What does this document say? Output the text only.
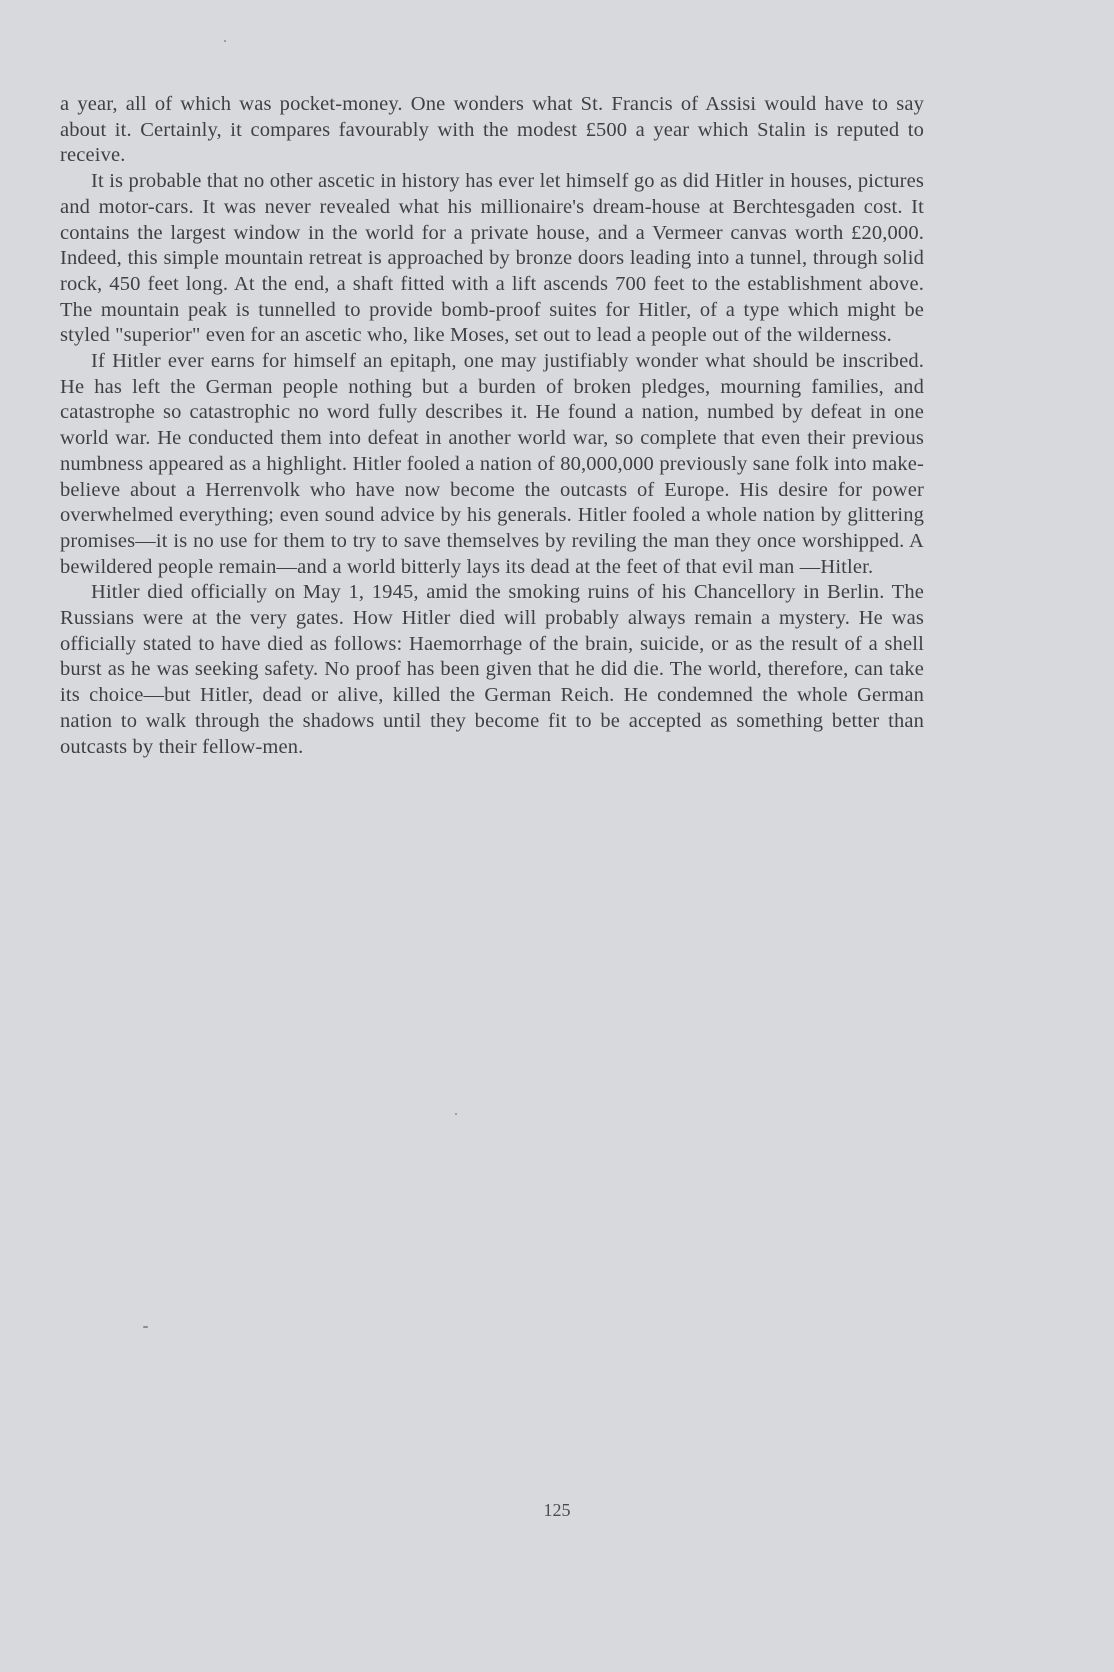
a year, all of which was pocket-money. One wonders what St. Francis of Assisi would have to say about it. Certainly, it compares favourably with the modest £500 a year which Stalin is reputed to receive.

It is probable that no other ascetic in history has ever let himself go as did Hitler in houses, pictures and motor-cars. It was never revealed what his millionaire's dream-house at Berchtesgaden cost. It contains the largest window in the world for a private house, and a Vermeer canvas worth £20,000. Indeed, this simple mountain retreat is approached by bronze doors leading into a tunnel, through solid rock, 450 feet long. At the end, a shaft fitted with a lift ascends 700 feet to the establishment above. The mountain peak is tunnelled to provide bomb-proof suites for Hitler, of a type which might be styled "superior" even for an ascetic who, like Moses, set out to lead a people out of the wilderness.

If Hitler ever earns for himself an epitaph, one may justifiably wonder what should be inscribed. He has left the German people nothing but a burden of broken pledges, mourning families, and catastrophe so catastrophic no word fully describes it. He found a nation, numbed by defeat in one world war. He conducted them into defeat in another world war, so complete that even their previous numbness appeared as a highlight. Hitler fooled a nation of 80,000,000 previously sane folk into make-believe about a Herrenvolk who have now become the outcasts of Europe. His desire for power overwhelmed everything; even sound advice by his generals. Hitler fooled a whole nation by glittering promises—it is no use for them to try to save themselves by reviling the man they once worshipped. A bewildered people remain—and a world bitterly lays its dead at the feet of that evil man —Hitler.

Hitler died officially on May 1, 1945, amid the smoking ruins of his Chancellory in Berlin. The Russians were at the very gates. How Hitler died will probably always remain a mystery. He was officially stated to have died as follows: Haemorrhage of the brain, suicide, or as the result of a shell burst as he was seeking safety. No proof has been given that he did die. The world, therefore, can take its choice—but Hitler, dead or alive, killed the German Reich. He condemned the whole German nation to walk through the shadows until they become fit to be accepted as something better than outcasts by their fellow-men.

125
